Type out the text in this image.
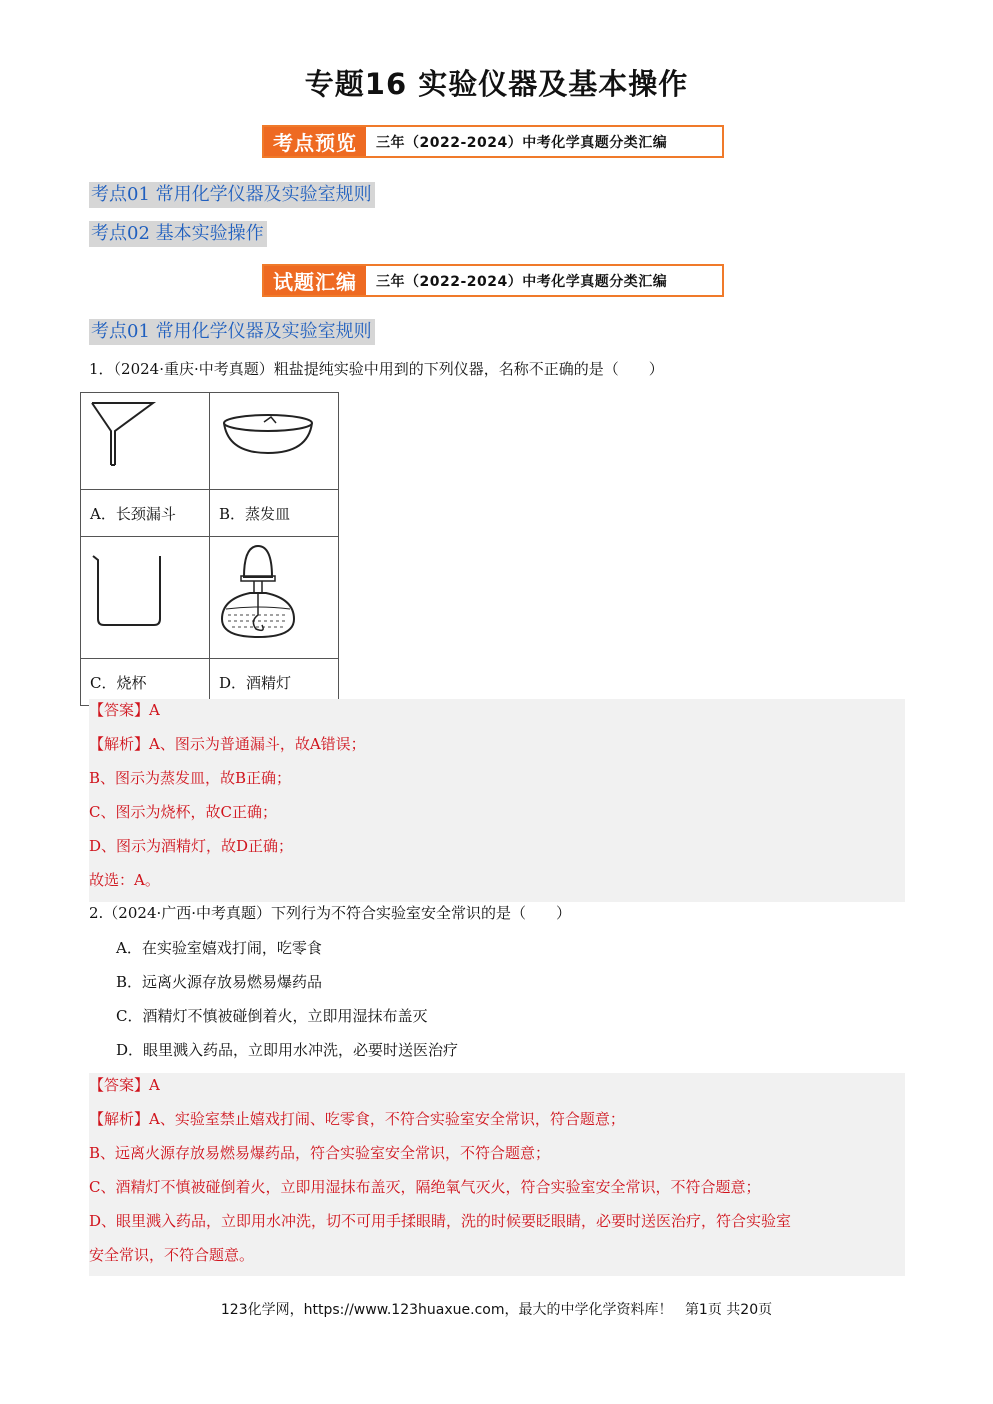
专题16 实验仪器及基本操作
考点预览	三年（2022-2024）中考化学真题分类汇编
考点01 常用化学仪器及实验室规则
考点02 基本实验操作
试题汇编	三年（2022-2024）中考化学真题分类汇编
考点01 常用化学仪器及实验室规则
1．（2024·重庆·中考真题）粗盐提纯实验中用到的下列仪器，名称不正确的是（　　）

A．长颈漏斗	B．蒸发皿

C．烧杯	D．酒精灯
【答案】A
【解析】A、图示为普通漏斗，故A错误；
B、图示为蒸发皿，故B正确；
C、图示为烧杯，故C正确；
D、图示为酒精灯，故D正确；
故选：A。
2.（2024·广西·中考真题）下列行为不符合实验室安全常识的是（　　）
A．在实验室嬉戏打闹，吃零食
B．远离火源存放易燃易爆药品
C．酒精灯不慎被碰倒着火，立即用湿抹布盖灭
D．眼里溅入药品，立即用水冲洗，必要时送医治疗
【答案】A
【解析】A、实验室禁止嬉戏打闹、吃零食，不符合实验室安全常识，符合题意；
B、远离火源存放易燃易爆药品，符合实验室安全常识，不符合题意；
C、酒精灯不慎被碰倒着火，立即用湿抹布盖灭，隔绝氧气灭火，符合实验室安全常识，不符合题意；
D、眼里溅入药品，立即用水冲洗，切不可用手揉眼睛，洗的时候要眨眼睛，必要时送医治疗，符合实验室
安全常识，不符合题意。
123化学网，https://www.123huaxue.com，最大的中学化学资料库！ 第1页 共20页
